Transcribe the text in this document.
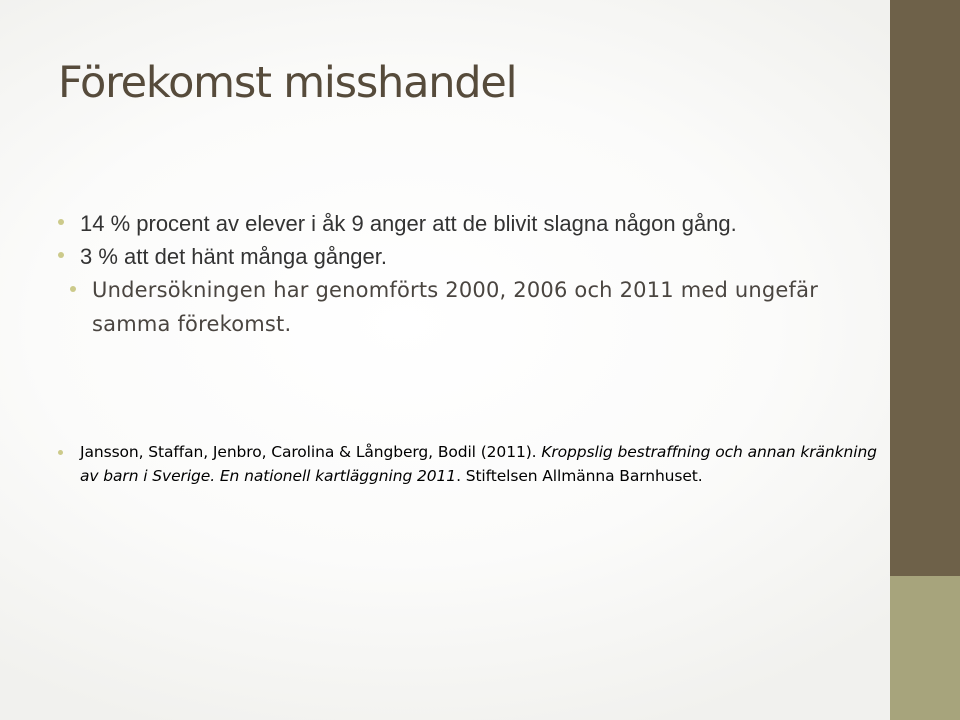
Förekomst misshandel
14 % procent av elever i åk 9 anger att de blivit slagna någon gång.
3 % att det hänt många gånger.
Undersökningen har genomförts 2000, 2006 och 2011 med ungefär samma förekomst.

Jansson, Staffan, Jenbro, Carolina & Långberg, Bodil (2011). Kroppslig bestraffning och annan kränkning av barn i Sverige. En nationell kartläggning 2011. Stiftelsen Allmänna Barnhuset.
